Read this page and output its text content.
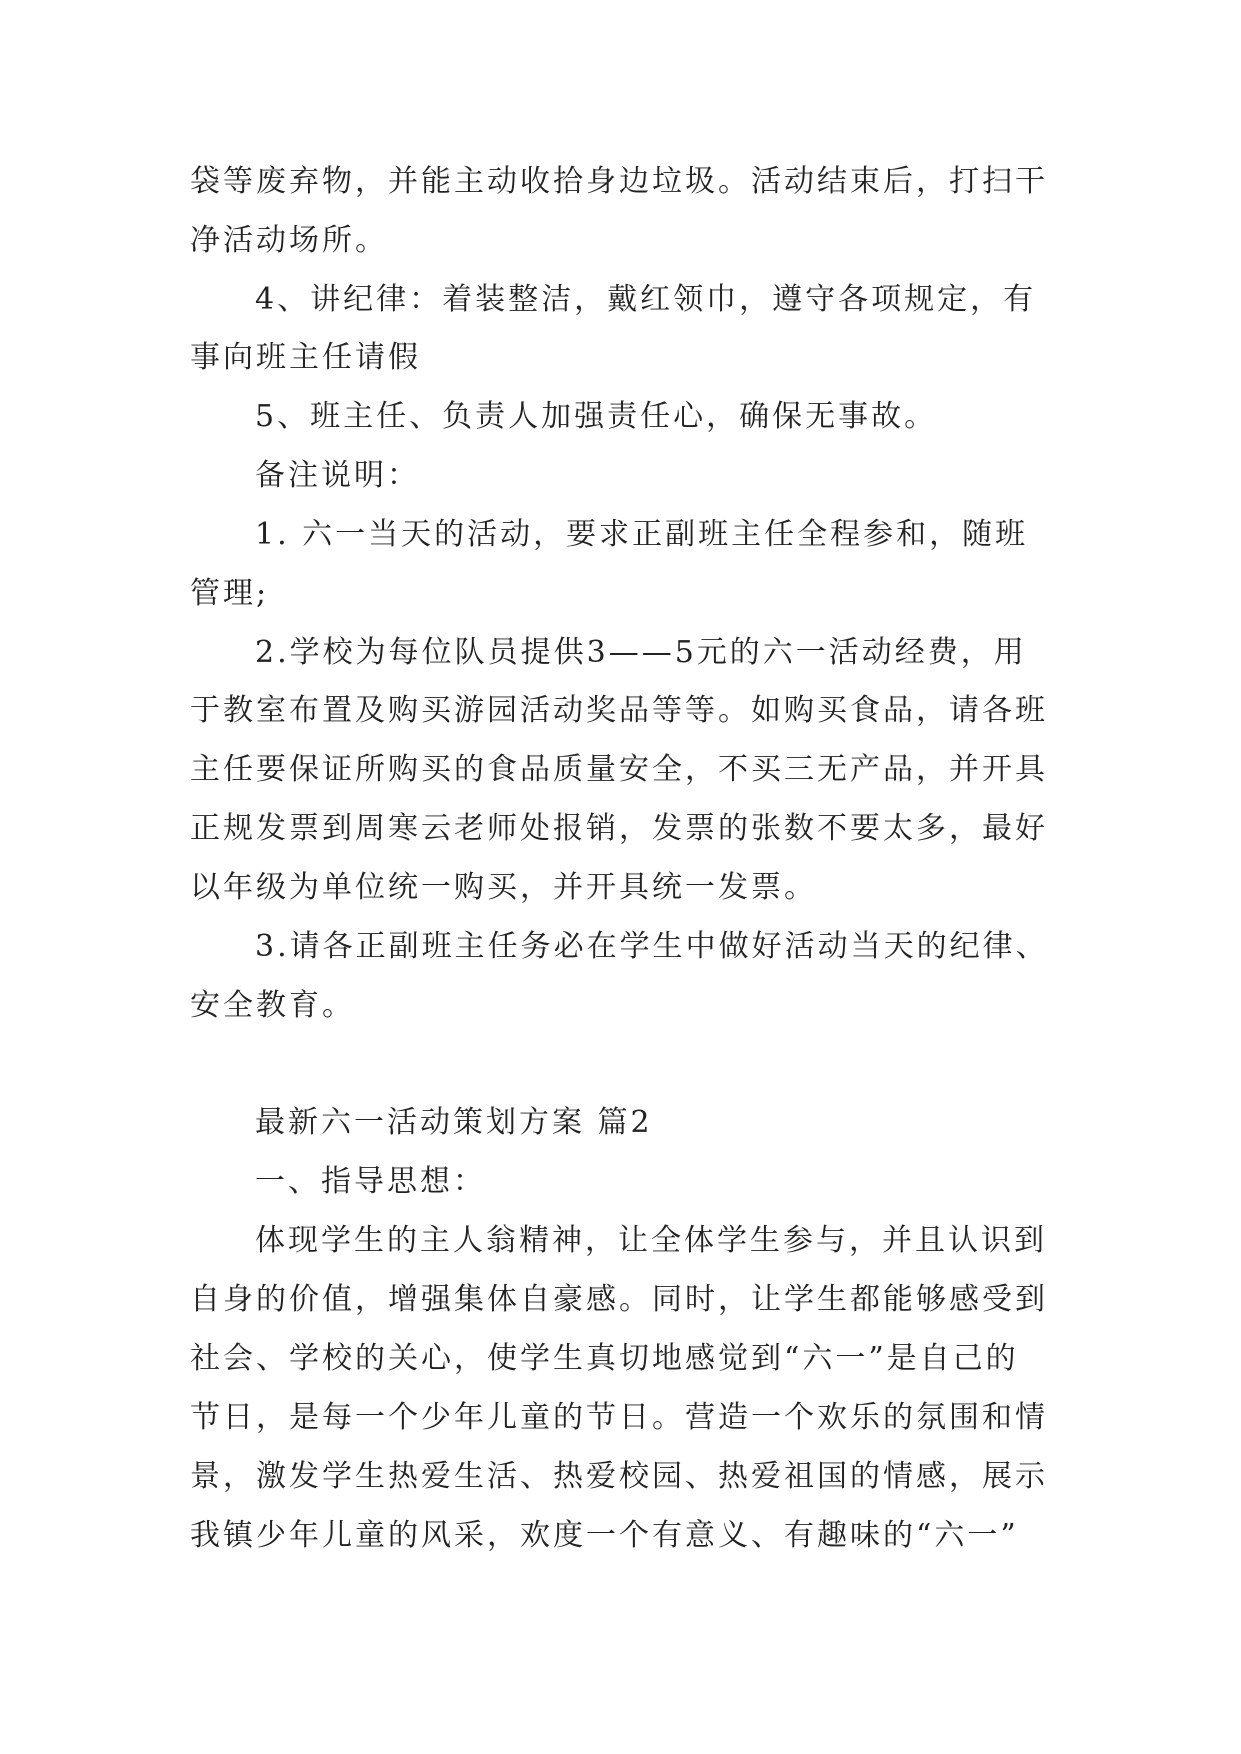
袋等废弃物，并能主动收拾身边垃圾。活动结束后，打扫干
净活动场所。
4、讲纪律：着装整洁，戴红领巾，遵守各项规定，有
事向班主任请假
5、班主任、负责人加强责任心，确保无事故。
备注说明：
1. 六一当天的活动，要求正副班主任全程参和，随班
管理;
2.学校为每位队员提供3——5元的六一活动经费，用
于教室布置及购买游园活动奖品等等。如购买食品，请各班
主任要保证所购买的食品质量安全，不买三无产品，并开具
正规发票到周寒云老师处报销，发票的张数不要太多，最好
以年级为单位统一购买，并开具统一发票。
3.请各正副班主任务必在学生中做好活动当天的纪律、
安全教育。
最新六一活动策划方案 篇2
一、指导思想：
体现学生的主人翁精神，让全体学生参与，并且认识到
自身的价值，增强集体自豪感。同时，让学生都能够感受到
社会、学校的关心，使学生真切地感觉到“六一”是自己的
节日，是每一个少年儿童的节日。营造一个欢乐的氛围和情
景，激发学生热爱生活、热爱校园、热爱祖国的情感，展示
我镇少年儿童的风采，欢度一个有意义、有趣味的“六一”
